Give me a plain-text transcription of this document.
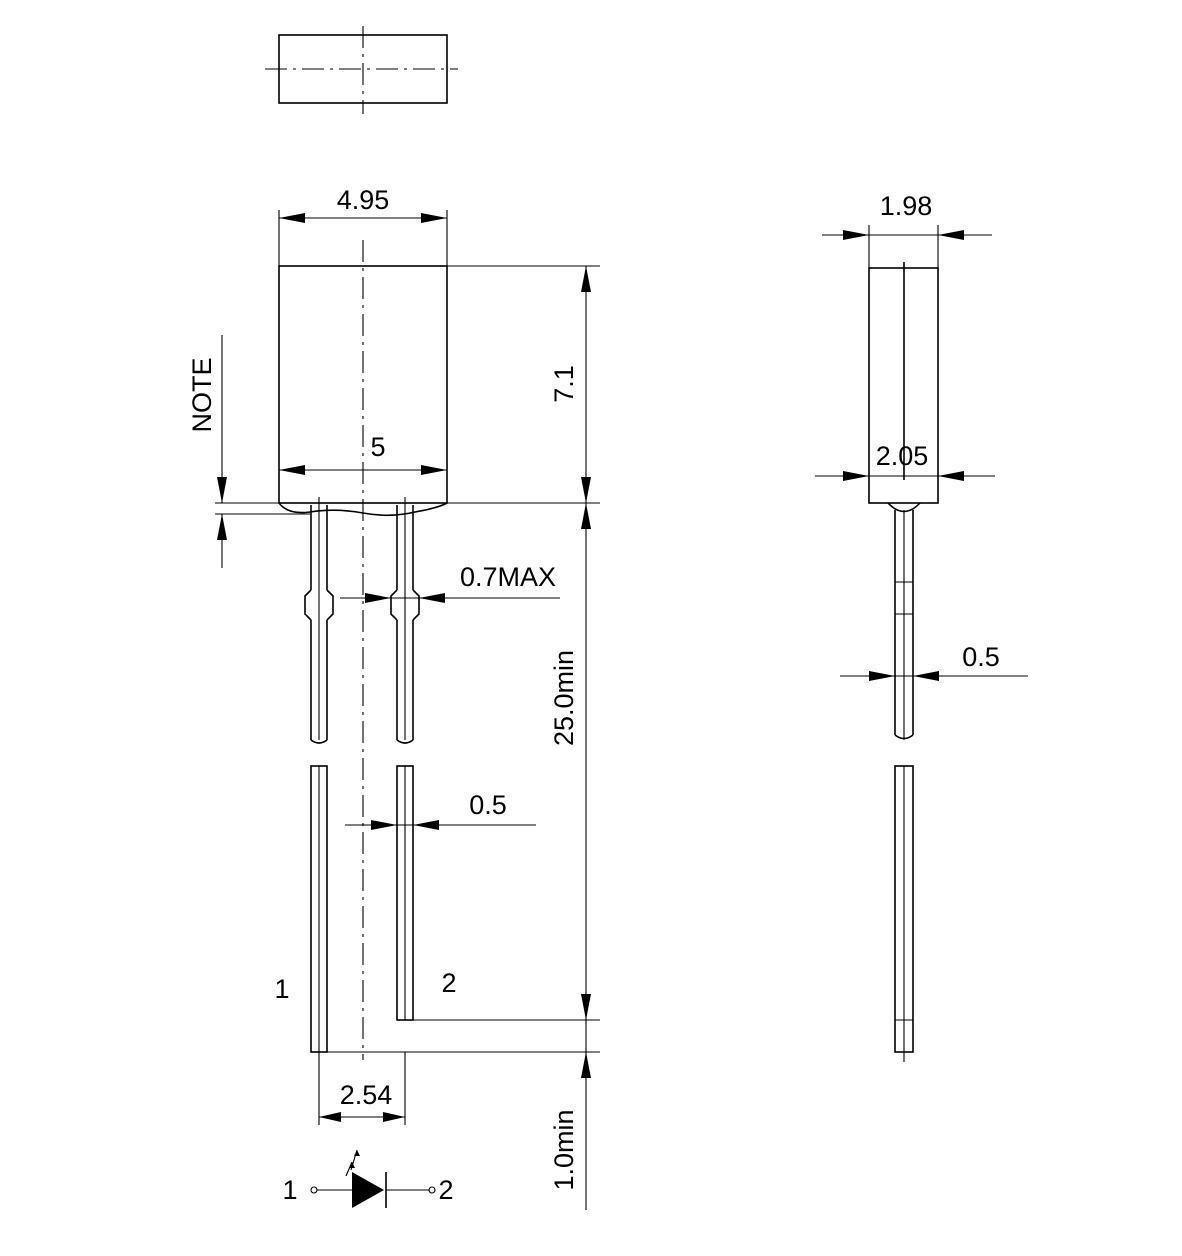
4.95
5
7.1
NOTE
0.7MAX
0.5
25.0min
1.0min
2.54
1	2
1	2
1.98
2.05
0.5
